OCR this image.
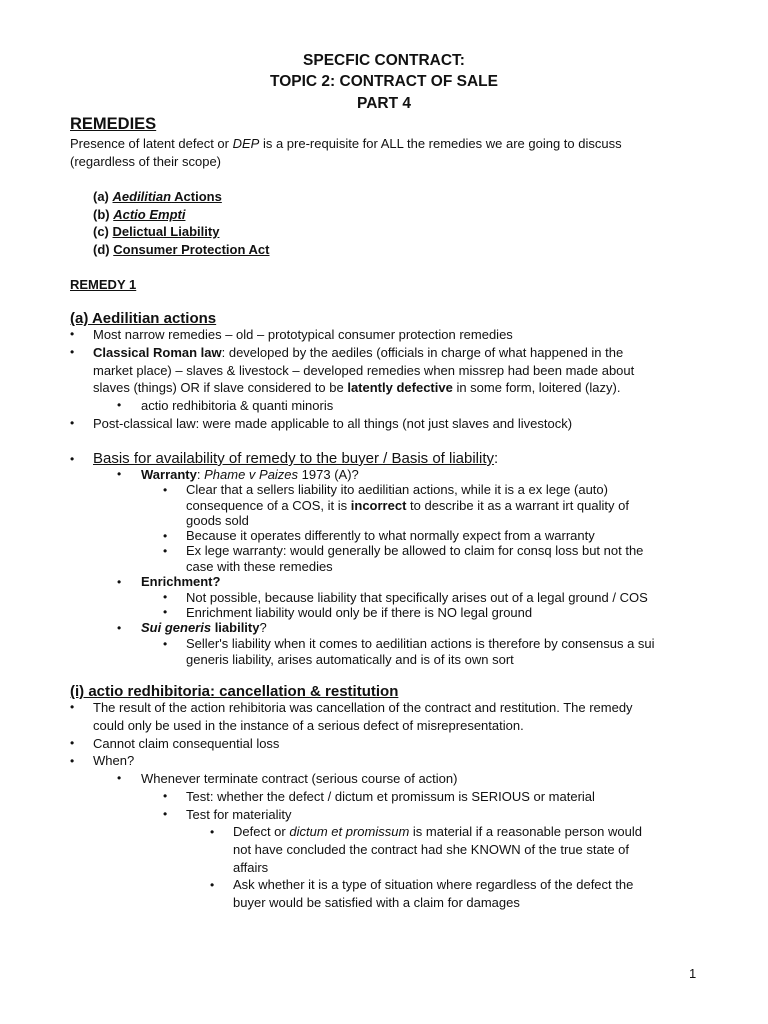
SPECFIC CONTRACT:
TOPIC 2: CONTRACT OF SALE
PART 4
REMEDIES
Presence of latent defect or DEP is a pre-requisite for ALL the remedies we are going to discuss
(regardless of their scope)
(a) Aedilitian Actions
(b) Actio Empti
(c) Delictual Liability
(d) Consumer Protection Act
REMEDY 1
(a) Aedilitian actions
• Most narrow remedies – old – prototypical consumer protection remedies
• Classical Roman law: developed by the aediles (officials in charge of what happened in the
market place) – slaves & livestock – developed remedies when missrep had been made about
slaves (things) OR if slave considered to be latently defective in some form, loitered (lazy).
• actio redhibitoria & quanti minoris
• Post-classical law: were made applicable to all things (not just slaves and livestock)
• Basis for availability of remedy to the buyer / Basis of liability:
• Warranty: Phame v Paizes 1973 (A)?
• Clear that a sellers liability ito aedilitian actions, while it is a ex lege (auto)
consequence of a COS, it is incorrect to describe it as a warrant irt quality of
goods sold
• Because it operates differently to what normally expect from a warranty
• Ex lege warranty: would generally be allowed to claim for consq loss but not the
case with these remedies
• Enrichment?
• Not possible, because liability that specifically arises out of a legal ground / COS
• Enrichment liability would only be if there is NO legal ground
• Sui generis liability?
• Seller's liability when it comes to aedilitian actions is therefore by consensus a sui
generis liability, arises automatically and is of its own sort
(i) actio redhibitoria: cancellation & restitution
• The result of the action rehibitoria was cancellation of the contract and restitution. The remedy
could only be used in the instance of a serious defect of misrepresentation.
• Cannot claim consequential loss
• When?
• Whenever terminate contract (serious course of action)
• Test: whether the defect / dictum et promissum is SERIOUS or material
• Test for materiality
• Defect or dictum et promissum is material if a reasonable person would
not have concluded the contract had she KNOWN of the true state of
affairs
• Ask whether it is a type of situation where regardless of the defect the
buyer would be satisfied with a claim for damages
1
